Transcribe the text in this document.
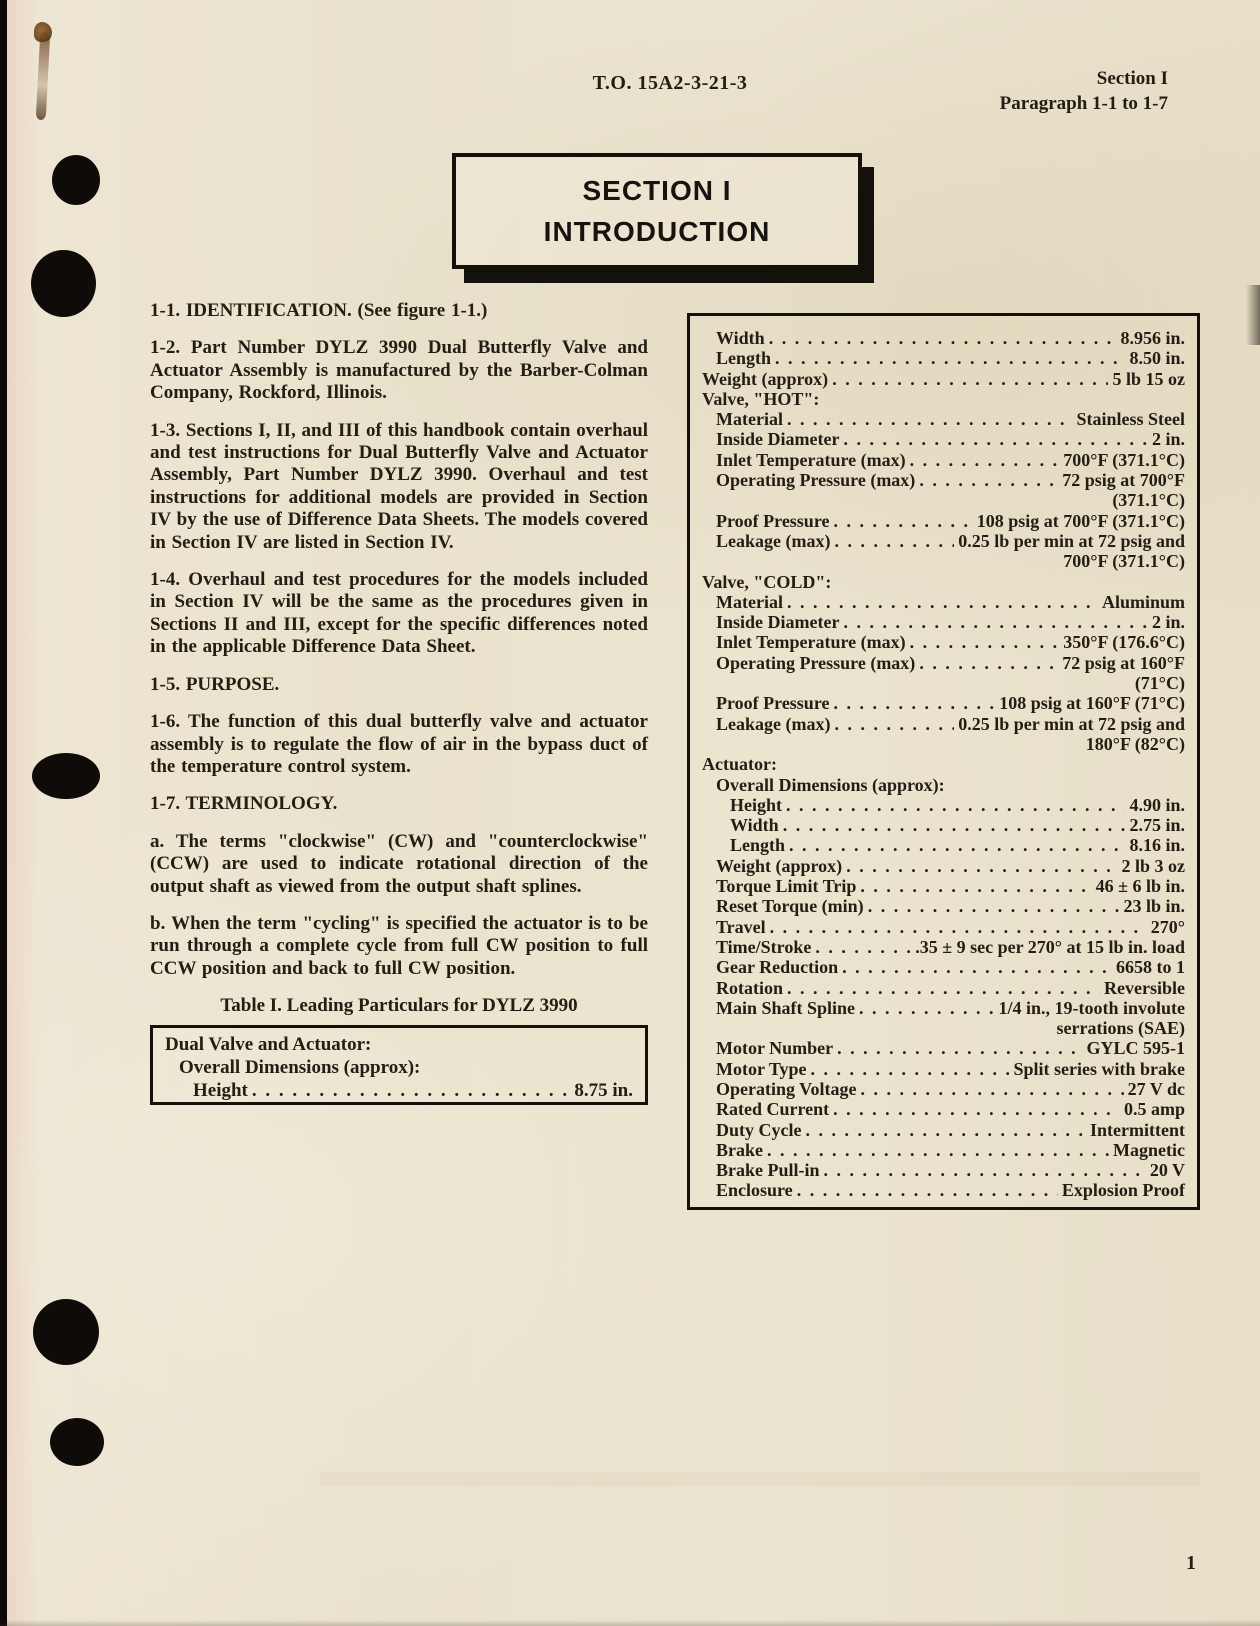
T.O. 15A2-3-21-3	Section I
Paragraph 1-1 to 1-7
SECTION I
INTRODUCTION

1-1. IDENTIFICATION. (See figure 1-1.)

1-2. Part Number DYLZ 3990 Dual Butterfly Valve and Actuator Assembly is manufactured by the Barber-Colman Company, Rockford, Illinois.

1-3. Sections I, II, and III of this handbook contain overhaul and test instructions for Dual Butterfly Valve and Actuator Assembly, Part Number DYLZ 3990. Overhaul and test instructions for additional models are provided in Section IV by the use of Difference Data Sheets. The models covered in Section IV are listed in Section IV.

1-4. Overhaul and test procedures for the models included in Section IV will be the same as the procedures given in Sections II and III, except for the specific differences noted in the applicable Difference Data Sheet.

1-5. PURPOSE.

1-6. The function of this dual butterfly valve and actuator assembly is to regulate the flow of air in the bypass duct of the temperature control system.

1-7. TERMINOLOGY.

a. The terms "clockwise" (CW) and "counterclockwise" (CCW) are used to indicate rotational direction of the output shaft as viewed from the output shaft splines.

b. When the term "cycling" is specified the actuator is to be run through a complete cycle from full CW position to full CCW position and back to full CW position.

Table I. Leading Particulars for DYLZ 3990
Dual Valve and Actuator:
Overall Dimensions (approx):
Height . . .	8.75 in.
Width . . .	8.956 in.
Length . . .	8.50 in.
Weight (approx) . . .	5 lb 15 oz
Valve, "HOT":
Material . . .	Stainless Steel
Inside Diameter . . .	2 in.
Inlet Temperature (max) . . .	700°F (371.1°C)
Operating Pressure (max) . . .	72 psig at 700°F
(371.1°C)
Proof Pressure . . .	108 psig at 700°F (371.1°C)
Leakage (max) . . .	0.25 lb per min at 72 psig and
700°F (371.1°C)
Valve, "COLD":
Material . . .	Aluminum
Inside Diameter . . .	2 in.
Inlet Temperature (max) . . .	350°F (176.6°C)
Operating Pressure (max) . . .	72 psig at 160°F
(71°C)
Proof Pressure . . .	108 psig at 160°F (71°C)
Leakage (max) . . .	0.25 lb per min at 72 psig and
180°F (82°C)
Actuator:
Overall Dimensions (approx):
Height . . .	4.90 in.
Width . . .	2.75 in.
Length . . .	8.16 in.
Weight (approx) . . .	2 lb 3 oz
Torque Limit Trip . . .	46 ± 6 lb in.
Reset Torque (min) . . .	23 lb in.
Travel . . .	270°
Time/Stroke . . .	.35 ± 9 sec per 270° at 15 lb in. load
Gear Reduction . . .	6658 to 1
Rotation . . .	Reversible
Main Shaft Spline . . .	1/4 in., 19-tooth involute
serrations (SAE)
Motor Number . . .	GYLC 595-1
Motor Type . . .	Split series with brake
Operating Voltage . . .	27 V dc
Rated Current . . .	0.5 amp
Duty Cycle . . .	Intermittent
Brake . . .	Magnetic
Brake Pull-in . . .	20 V
Enclosure . . .	Explosion Proof
1
